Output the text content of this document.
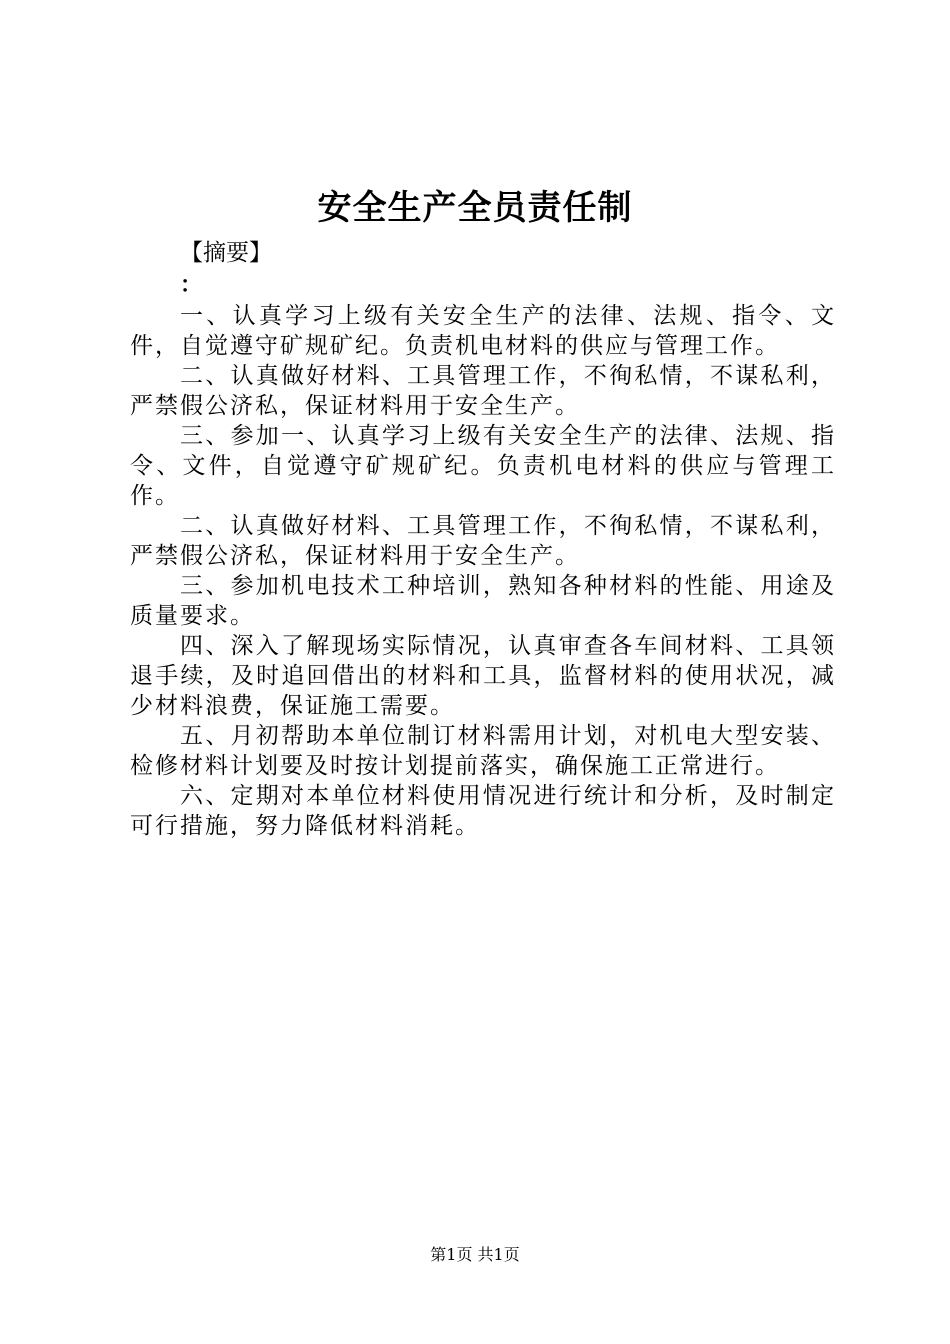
安全生产全员责任制
【摘要】
：

一、认真学习上级有关安全生产的法律、法规、指令、文件，自觉遵守矿规矿纪。负责机电材料的供应与管理工作。

二、认真做好材料、工具管理工作，不徇私情，不谋私利，严禁假公济私，保证材料用于安全生产。

三、参加一、认真学习上级有关安全生产的法律、法规、指令、文件，自觉遵守矿规矿纪。负责机电材料的供应与管理工作。

二、认真做好材料、工具管理工作，不徇私情，不谋私利，严禁假公济私，保证材料用于安全生产。

三、参加机电技术工种培训，熟知各种材料的性能、用途及质量要求。

四、深入了解现场实际情况，认真审查各车间材料、工具领退手续，及时追回借出的材料和工具，监督材料的使用状况，减少材料浪费，保证施工需要。

五、月初帮助本单位制订材料需用计划，对机电大型安装、检修材料计划要及时按计划提前落实，确保施工正常进行。

六、定期对本单位材料使用情况进行统计和分析，及时制定可行措施，努力降低材料消耗。

第1页 共1页
